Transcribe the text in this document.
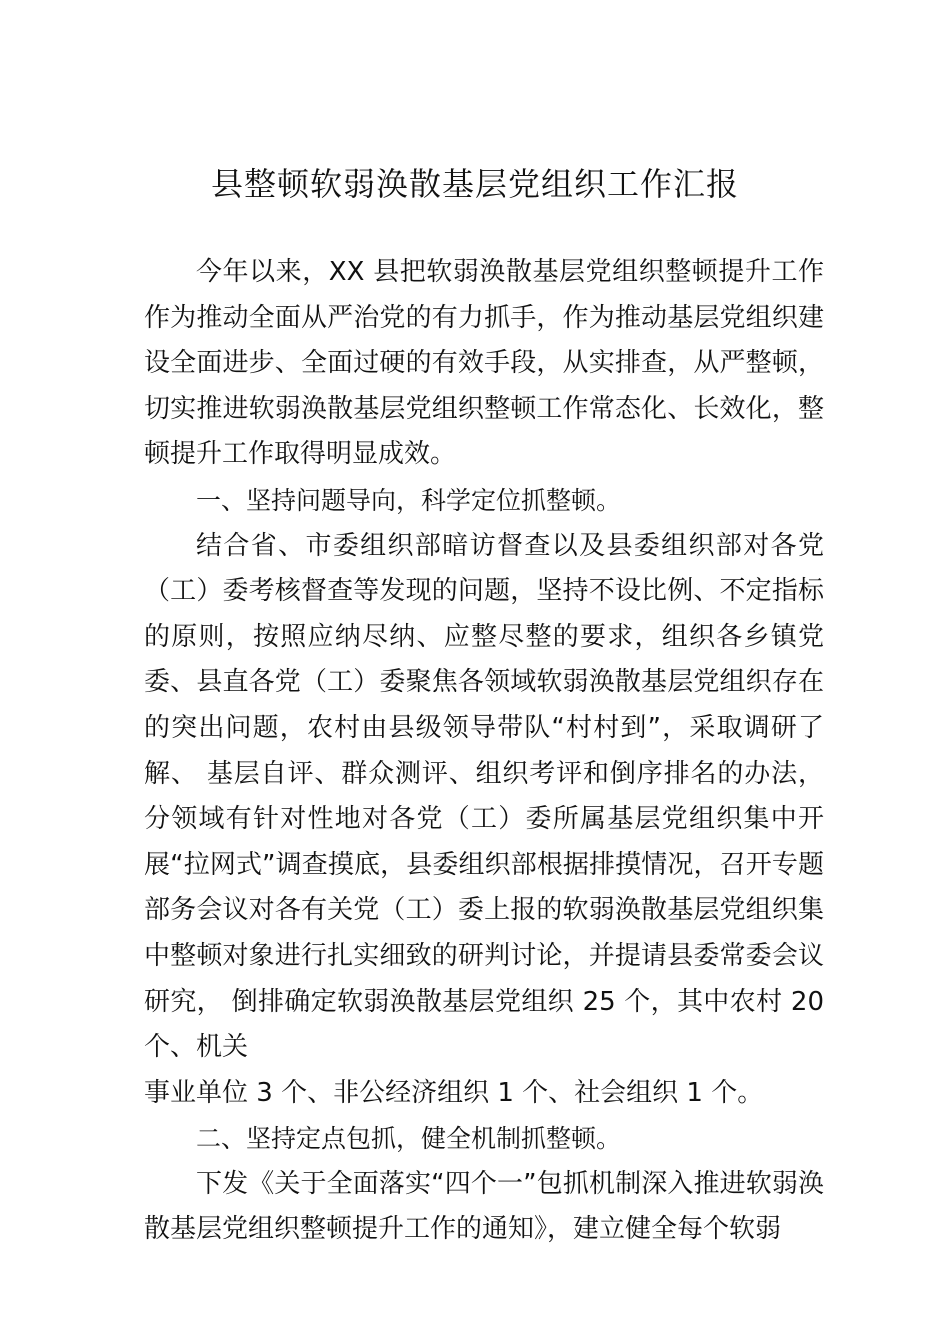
县整顿软弱涣散基层党组织工作汇报

今年以来，XX 县把软弱涣散基层党组织整顿提升工作作为推动全面从严治党的有力抓手，作为推动基层党组织建设全面进步、全面过硬的有效手段，从实排查，从严整顿， 切实推进软弱涣散基层党组织整顿工作常态化、长效化，整顿提升工作取得明显成效。

一、坚持问题导向，科学定位抓整顿。

结合省、市委组织部暗访督查以及县委组织部对各党（工）委考核督查等发现的问题，坚持不设比例、不定指标的原则，按照应纳尽纳、应整尽整的要求，组织各乡镇党委、县直各党（工）委聚焦各领域软弱涣散基层党组织存在的突出问题，农村由县级领导带队“村村到”，采取调研了解、 基层自评、群众测评、组织考评和倒序排名的办法，分领域有针对性地对各党（工）委所属基层党组织集中开展“拉网式”调查摸底，县委组织部根据排摸情况，召开专题部务会议对各有关党（工）委上报的软弱涣散基层党组织集中整顿对象进行扎实细致的研判讨论，并提请县委常委会议研究， 倒排确定软弱涣散基层党组织 25 个，其中农村 20 个、机关

事业单位 3 个、非公经济组织 1 个、社会组织 1 个。

二、坚持定点包抓，健全机制抓整顿。

下发《关于全面落实“四个一”包抓机制深入推进软弱涣散基层党组织整顿提升工作的通知》，建立健全每个软弱
